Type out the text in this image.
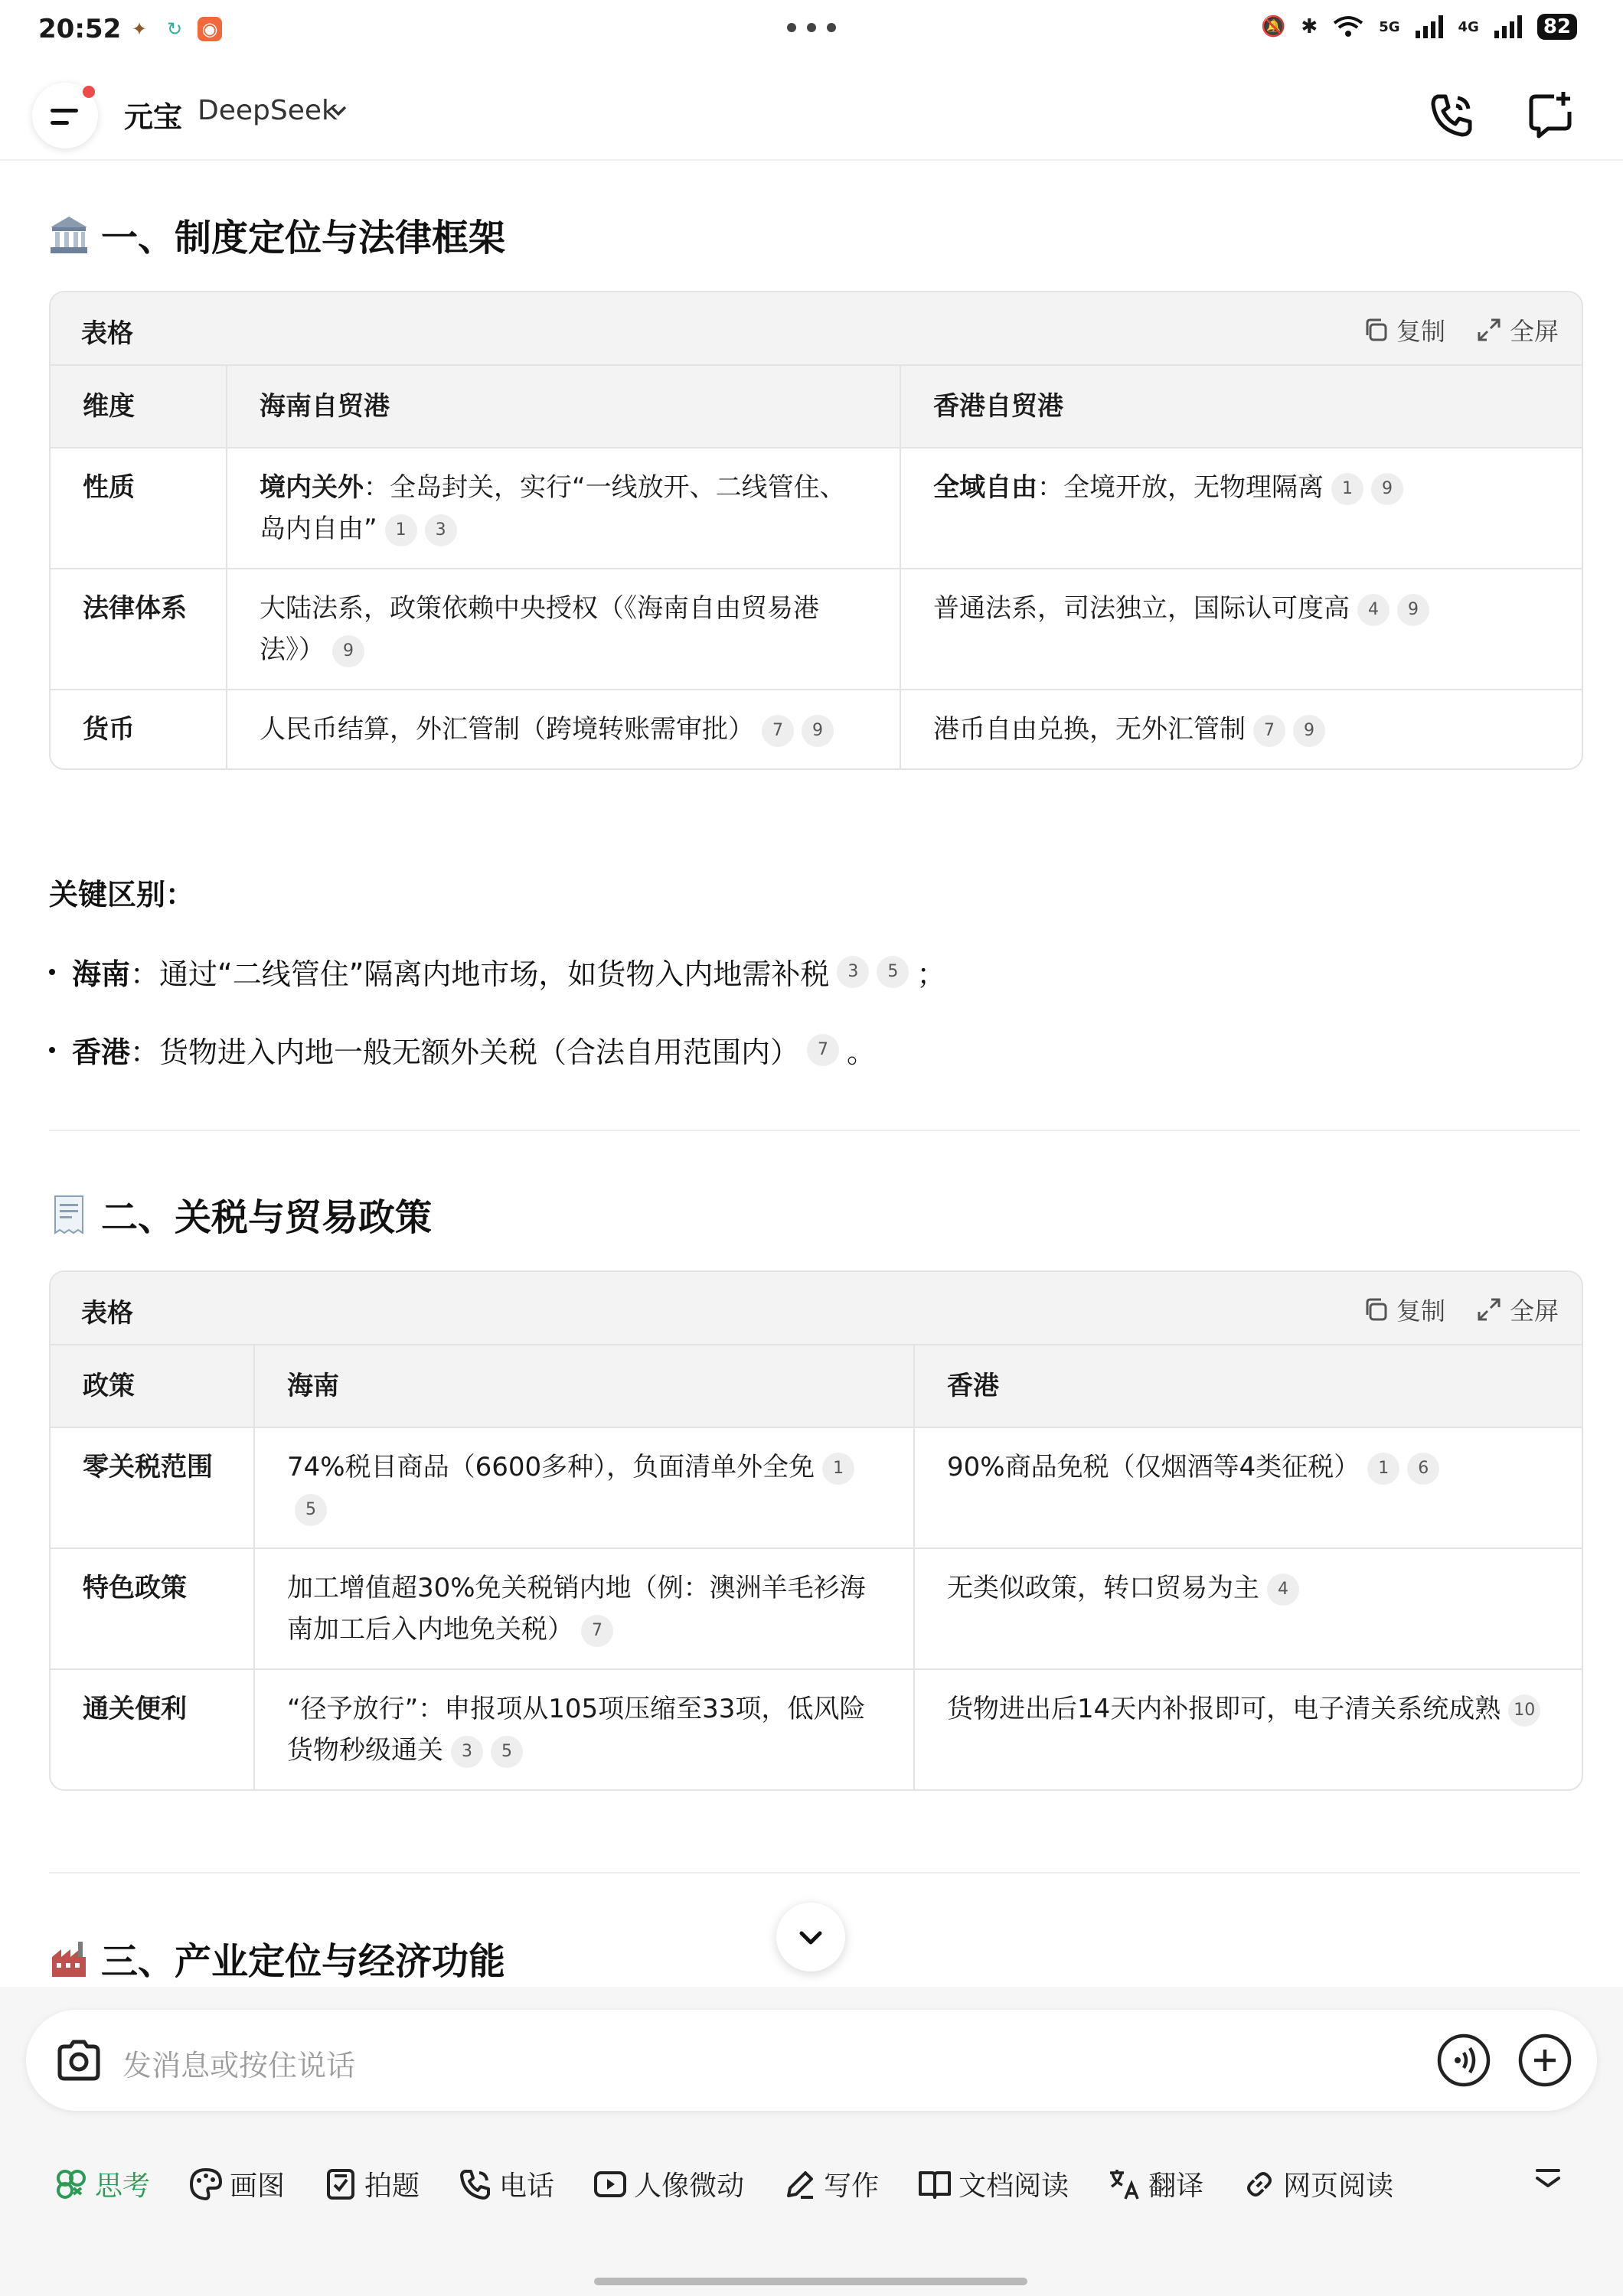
20:52 ✦ ↻ ◉	🔕 ✱	5G	4G	82
元宝 DeepSeek
一、制度定位与法律框架
表格	复制	全屏
维度	海南自贸港	香港自贸港
性质	境内关外：全岛封关，实行“一线放开、二线管住、岛内自由” 1 3	全域自由：全境开放，无物理隔离 1 9
法律体系	大陆法系，政策依赖中央授权（《海南自由贸易港法》） 9	普通法系，司法独立，国际认可度高 4 9
货币	人民币结算，外汇管制（跨境转账需审批） 7 9	港币自由兑换，无外汇管制 7 9
关键区别：
海南 ：通过“二线管住”隔离内地市场，如货物入内地需补税	3	5 ；
香港 ：货物进入内地一般无额外关税（合法自用范围内）	7 。
二、关税与贸易政策
表格	复制	全屏
政策	海南	香港
零关税范围	74%税目商品（6600多种），负面清单外全免 15	90%商品免税（仅烟酒等4类征税） 1 6
特色政策	加工增值超30%免关税销内地（例：澳洲羊毛衫海南加工后入内地免关税） 7	无类似政策，转口贸易为主 4
通关便利	“径予放行”：申报项从105项压缩至33项，低风险货物秒级通关 3 5	货物进出后14天内补报即可，电子清关系统成熟 10
三、产业定位与经济功能
发消息或按住说话
思考	画图	拍题	电话	人像微动	写作	文档阅读	翻译	网页阅读
